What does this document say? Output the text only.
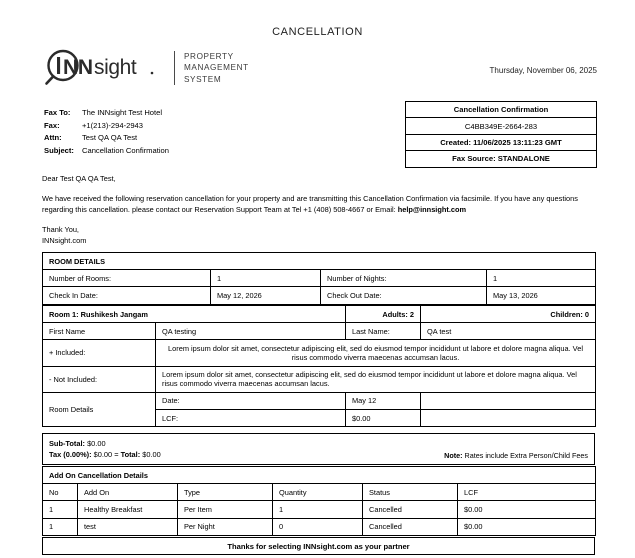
CANCELLATION
NN sight	PROPERTY
MANAGEMENT
SYSTEM
Thursday, November 06, 2025
Fax To:	The INNsight Test Hotel
Fax:	+1(213)-294-2943
Attn:	Test QA QA Test
Subject:	Cancellation Confirmation
Cancellation Confirmation
C4BB349E-2664-283
Created: 11/06/2025 13:11:23 GMT
Fax Source: STANDALONE

Dear Test QA QA Test,

We have received the following reservation cancellation for your property and are transmitting this Cancellation Confirmation via facsimile. If you have any questions regarding this cancellation. please contact our Reservation Support Team at Tel +1 (408) 508-4667 or Email: help@innsight.com

Thank You,

INNsight.com

ROOM DETAILS			
Number of Rooms:	1	Number of Nights:	1
Check In Date:	May 12, 2026	Check Out Date:	May 13, 2026
Room 1: Rushikesh Jangam		Adults: 2	Children: 0
First Name	QA testing	Last Name:	QA test
+ Included:	Lorem ipsum dolor sit amet, consectetur adipiscing elit, sed do eiusmod tempor incididunt ut labore et dolore magna aliqua. Vel risus commodo viverra maecenas accumsan lacus.		
- Not Included:	Lorem ipsum dolor sit amet, consectetur adipiscing elit, sed do eiusmod tempor incididunt ut labore et dolore magna aliqua. Vel risus commodo viverra maecenas accumsan lacus.		
Room Details	Date:	May 12	
	LCF:	$0.00	
Sub-Total: $0.00
Tax (0.00%): $0.00 = Total: $0.00	Note: Rates include Extra Person/Child Fees
Add On Cancellation Details					
No	Add On	Type	Quantity	Status	LCF
1	Healthy Breakfast	Per Item	1	Cancelled	$0.00
1	test	Per Night	0	Cancelled	$0.00
Thanks for selecting INNsight.com as your partner
